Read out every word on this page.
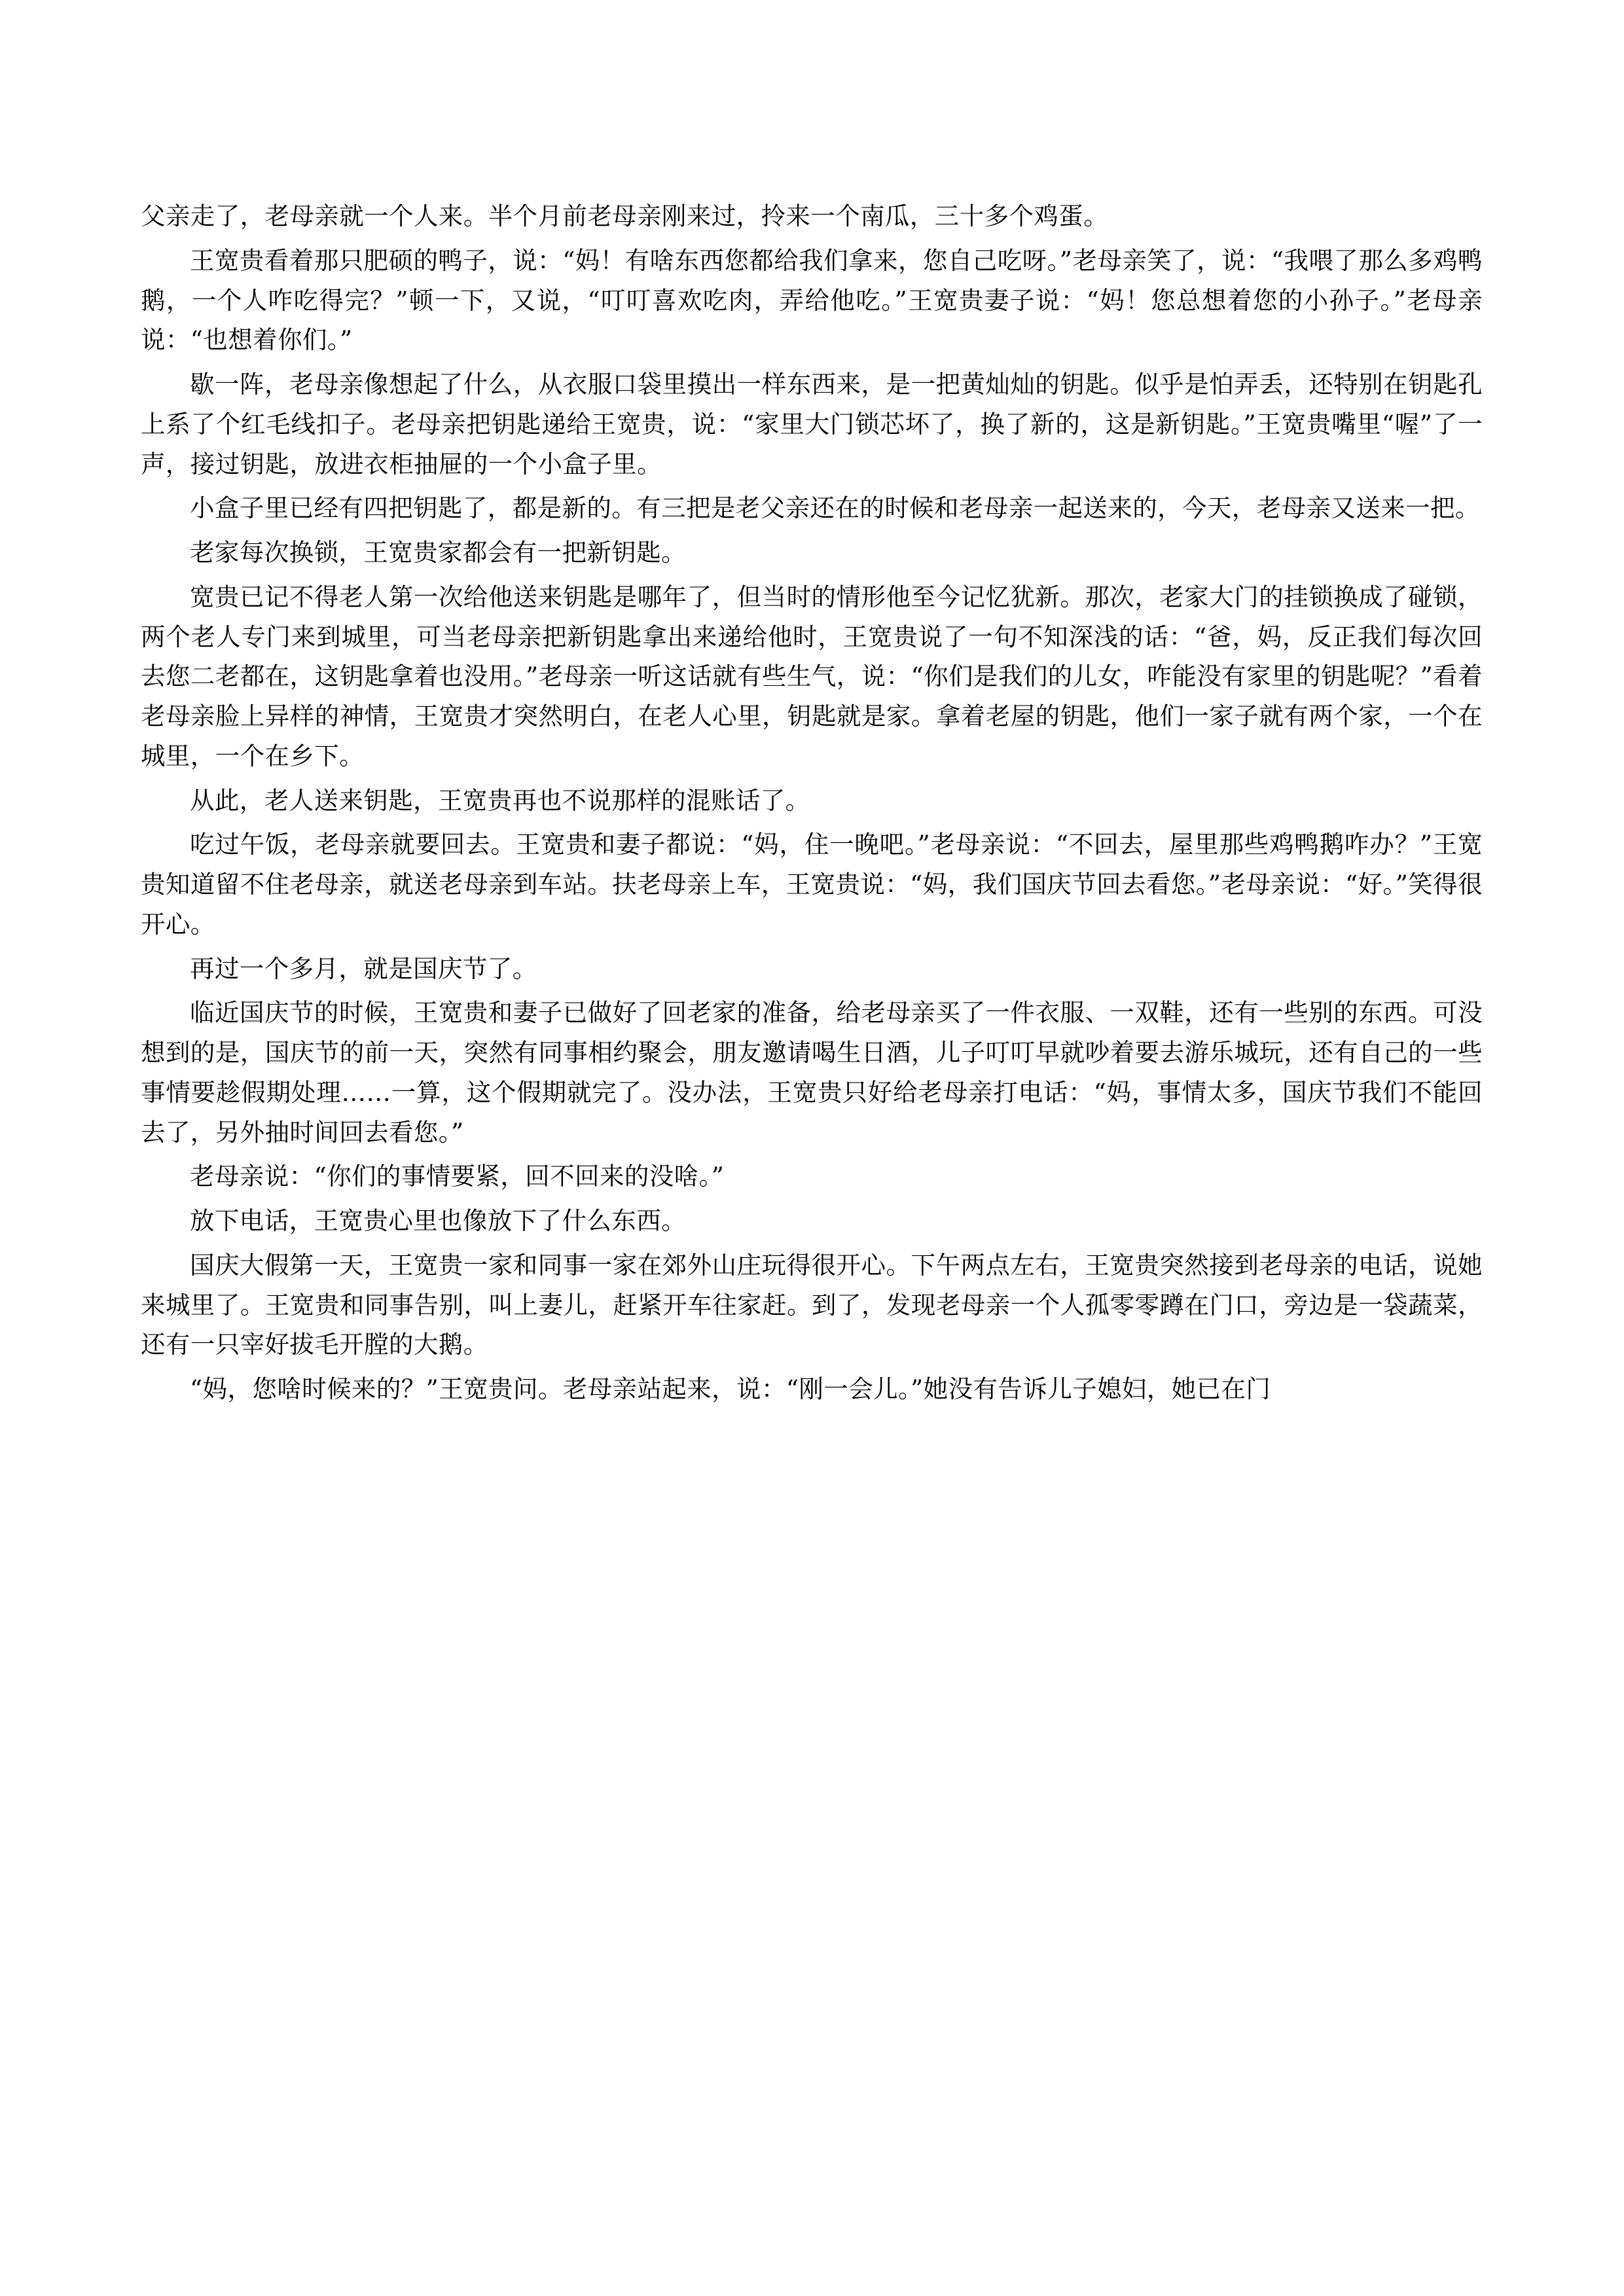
父亲走了，老母亲就一个人来。半个月前老母亲刚来过，拎来一个南瓜，三十多个鸡蛋。

王宽贵看着那只肥硕的鸭子，说：“妈！有啥东西您都给我们拿来，您自己吃呀。”老母亲笑了，说：“我喂了那么多鸡鸭鹅，一个人咋吃得完？”顿一下，又说，“叮叮喜欢吃肉，弄给他吃。”王宽贵妻子说：“妈！您总想着您的小孙子。”老母亲说：“也想着你们。”

歇一阵，老母亲像想起了什么，从衣服口袋里摸出一样东西来，是一把黄灿灿的钥匙。似乎是怕弄丢，还特别在钥匙孔上系了个红毛线扣子。老母亲把钥匙递给王宽贵，说：“家里大门锁芯坏了，换了新的，这是新钥匙。”王宽贵嘴里“喔”了一声，接过钥匙，放进衣柜抽屉的一个小盒子里。

小盒子里已经有四把钥匙了，都是新的。有三把是老父亲还在的时候和老母亲一起送来的，今天，老母亲又送来一把。

老家每次换锁，王宽贵家都会有一把新钥匙。

宽贵已记不得老人第一次给他送来钥匙是哪年了，但当时的情形他至今记忆犹新。那次，老家大门的挂锁换成了碰锁，两个老人专门来到城里，可当老母亲把新钥匙拿出来递给他时，王宽贵说了一句不知深浅的话：“爸，妈，反正我们每次回去您二老都在，这钥匙拿着也没用。”老母亲一听这话就有些生气，说：“你们是我们的儿女，咋能没有家里的钥匙呢？”看着老母亲脸上异样的神情，王宽贵才突然明白，在老人心里，钥匙就是家。拿着老屋的钥匙，他们一家子就有两个家，一个在城里，一个在乡下。

从此，老人送来钥匙，王宽贵再也不说那样的混账话了。

吃过午饭，老母亲就要回去。王宽贵和妻子都说：“妈，住一晚吧。”老母亲说：“不回去，屋里那些鸡鸭鹅咋办？”王宽贵知道留不住老母亲，就送老母亲到车站。扶老母亲上车，王宽贵说：“妈，我们国庆节回去看您。”老母亲说：“好。”笑得很开心。

再过一个多月，就是国庆节了。

临近国庆节的时候，王宽贵和妻子已做好了回老家的准备，给老母亲买了一件衣服、一双鞋，还有一些别的东西。可没想到的是，国庆节的前一天，突然有同事相约聚会，朋友邀请喝生日酒，儿子叮叮早就吵着要去游乐城玩，还有自己的一些事情要趁假期处理……一算，这个假期就完了。没办法，王宽贵只好给老母亲打电话：“妈，事情太多，国庆节我们不能回去了，另外抽时间回去看您。”

老母亲说：“你们的事情要紧，回不回来的没啥。”

放下电话，王宽贵心里也像放下了什么东西。

国庆大假第一天，王宽贵一家和同事一家在郊外山庄玩得很开心。下午两点左右，王宽贵突然接到老母亲的电话，说她来城里了。王宽贵和同事告别，叫上妻儿，赶紧开车往家赶。到了，发现老母亲一个人孤零零蹲在门口，旁边是一袋蔬菜，还有一只宰好拔毛开膛的大鹅。

“妈，您啥时候来的？”王宽贵问。老母亲站起来，说：“刚一会儿。”她没有告诉儿子媳妇，她已在门
